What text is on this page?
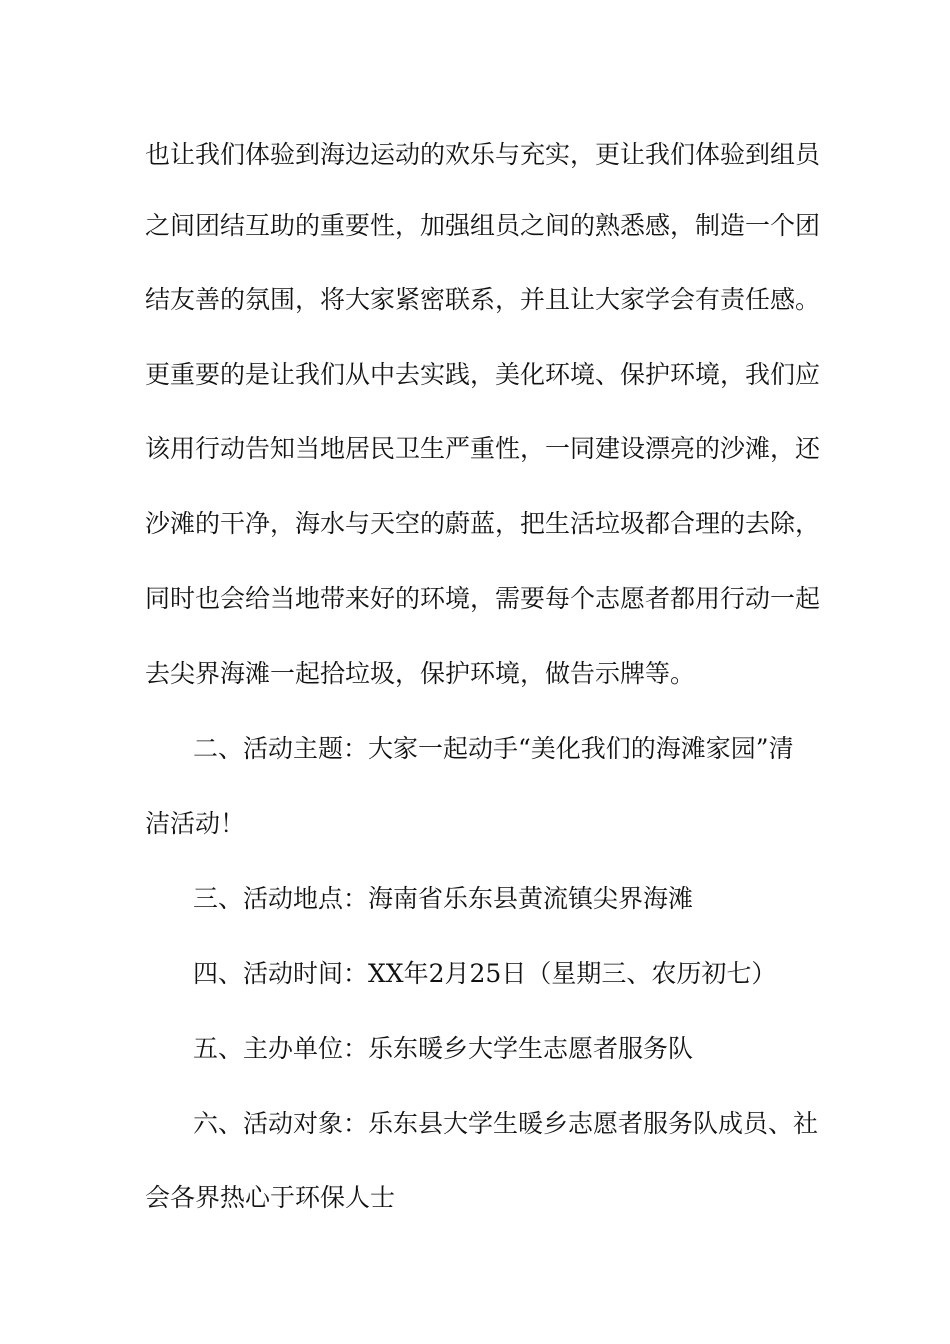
也让我们体验到海边运动的欢乐与充实，更让我们体验到组员
之间团结互助的重要性，加强组员之间的熟悉感，制造一个团
结友善的氛围，将大家紧密联系，并且让大家学会有责任感。
更重要的是让我们从中去实践，美化环境、保护环境，我们应
该用行动告知当地居民卫生严重性，一同建设漂亮的沙滩，还
沙滩的干净，海水与天空的蔚蓝，把生活垃圾都合理的去除，
同时也会给当地带来好的环境，需要每个志愿者都用行动一起
去尖界海滩一起拾垃圾，保护环境，做告示牌等。
二、活动主题：大家一起动手“美化我们的海滩家园”清
洁活动！
三、活动地点：海南省乐东县黄流镇尖界海滩
四、活动时间：XX年2月25日（星期三、农历初七）
五、主办单位：乐东暖乡大学生志愿者服务队
六、活动对象：乐东县大学生暖乡志愿者服务队成员、社
会各界热心于环保人士
